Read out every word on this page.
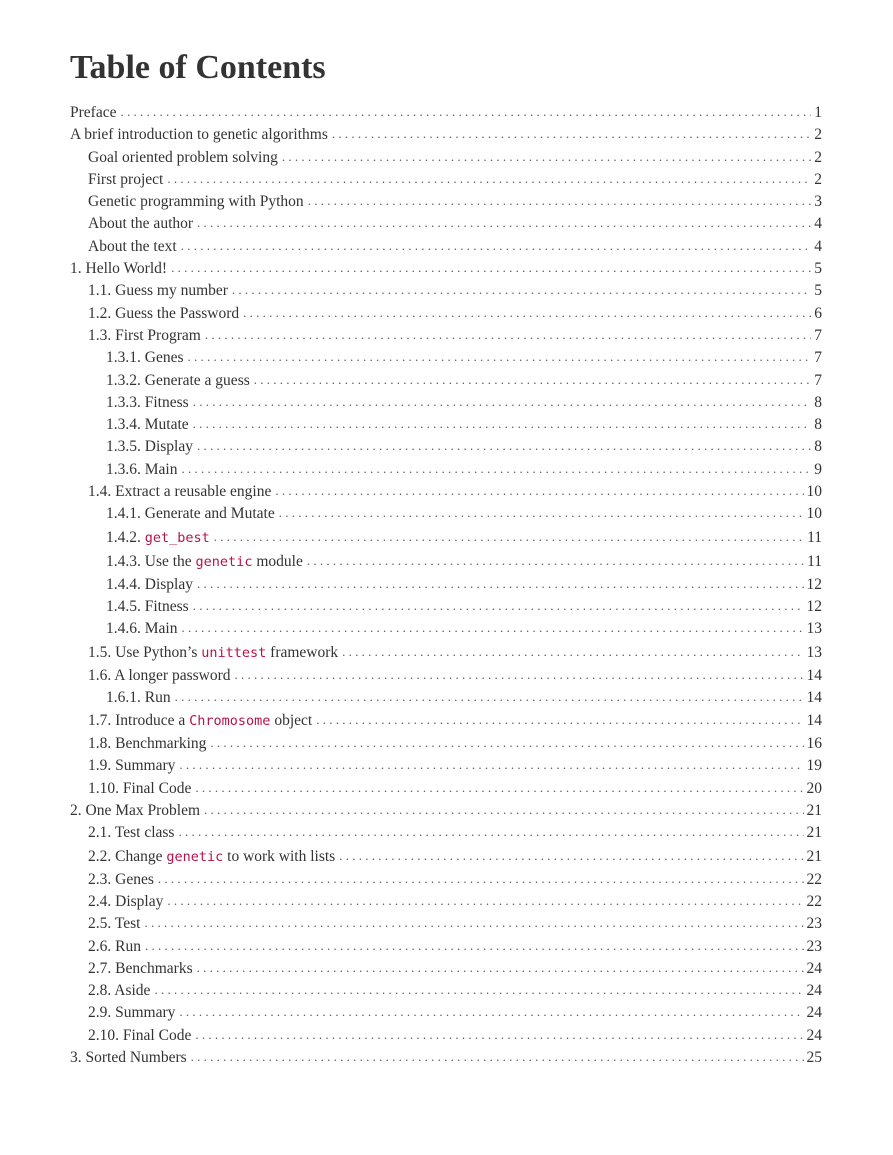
Table of Contents
Preface . . .	1
A brief introduction to genetic algorithms . . .	2
Goal oriented problem solving . . .	2
First project . . .	2
Genetic programming with Python . . .	3
About the author . . .	4
About the text . . .	4
1. Hello World! . . .	5
1.1. Guess my number . . .	5
1.2. Guess the Password . . .	6
1.3. First Program . . .	7
1.3.1. Genes . . .	7
1.3.2. Generate a guess . . .	7
1.3.3. Fitness . . .	8
1.3.4. Mutate . . .	8
1.3.5. Display . . .	8
1.3.6. Main . . .	9
1.4. Extract a reusable engine . . .	10
1.4.1. Generate and Mutate . . .	10
1.4.2. get_best . . .	11
1.4.3. Use the genetic module . . .	11
1.4.4. Display . . .	12
1.4.5. Fitness . . .	12
1.4.6. Main . . .	13
1.5. Use Python’s unittest framework . . .	13
1.6. A longer password . . .	14
1.6.1. Run . . .	14
1.7. Introduce a Chromosome object . . .	14
1.8. Benchmarking . . .	16
1.9. Summary . . .	19
1.10. Final Code . . .	20
2. One Max Problem . . .	21
2.1. Test class . . .	21
2.2. Change genetic to work with lists . . .	21
2.3. Genes . . .	22
2.4. Display . . .	22
2.5. Test . . .	23
2.6. Run . . .	23
2.7. Benchmarks . . .	24
2.8. Aside . . .	24
2.9. Summary . . .	24
2.10. Final Code . . .	24
3. Sorted Numbers . . .	25
